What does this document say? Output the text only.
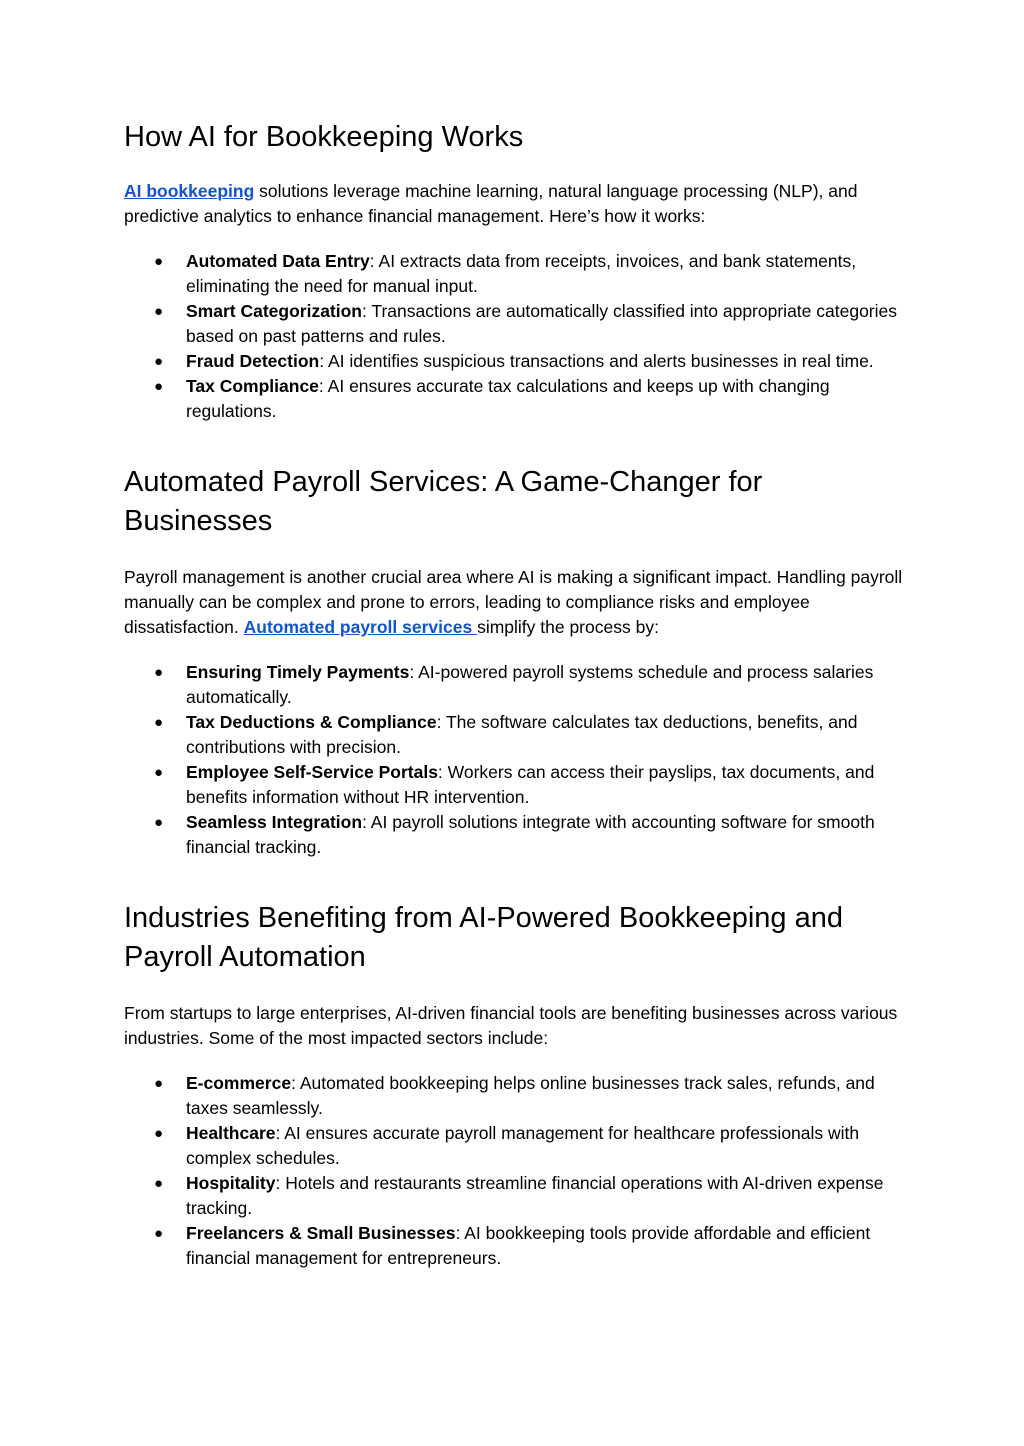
How AI for Bookkeeping Works

AI bookkeeping solutions leverage machine learning, natural language processing (NLP), and predictive analytics to enhance financial management. Here’s how it works:

● Automated Data Entry: AI extracts data from receipts, invoices, and bank statements, eliminating the need for manual input.
● Smart Categorization: Transactions are automatically classified into appropriate categories based on past patterns and rules.
● Fraud Detection: AI identifies suspicious transactions and alerts businesses in real time.
● Tax Compliance: AI ensures accurate tax calculations and keeps up with changing regulations.
Automated Payroll Services: A Game-Changer for Businesses

Payroll management is another crucial area where AI is making a significant impact. Handling payroll manually can be complex and prone to errors, leading to compliance risks and employee dissatisfaction. Automated payroll services simplify the process by:

● Ensuring Timely Payments: AI-powered payroll systems schedule and process salaries automatically.
● Tax Deductions & Compliance: The software calculates tax deductions, benefits, and contributions with precision.
● Employee Self-Service Portals: Workers can access their payslips, tax documents, and benefits information without HR intervention.
● Seamless Integration: AI payroll solutions integrate with accounting software for smooth financial tracking.
Industries Benefiting from AI-Powered Bookkeeping and Payroll Automation

From startups to large enterprises, AI-driven financial tools are benefiting businesses across various industries. Some of the most impacted sectors include:

● E-commerce: Automated bookkeeping helps online businesses track sales, refunds, and taxes seamlessly.
● Healthcare: AI ensures accurate payroll management for healthcare professionals with complex schedules.
● Hospitality: Hotels and restaurants streamline financial operations with AI-driven expense tracking.
● Freelancers & Small Businesses: AI bookkeeping tools provide affordable and efficient financial management for entrepreneurs.
